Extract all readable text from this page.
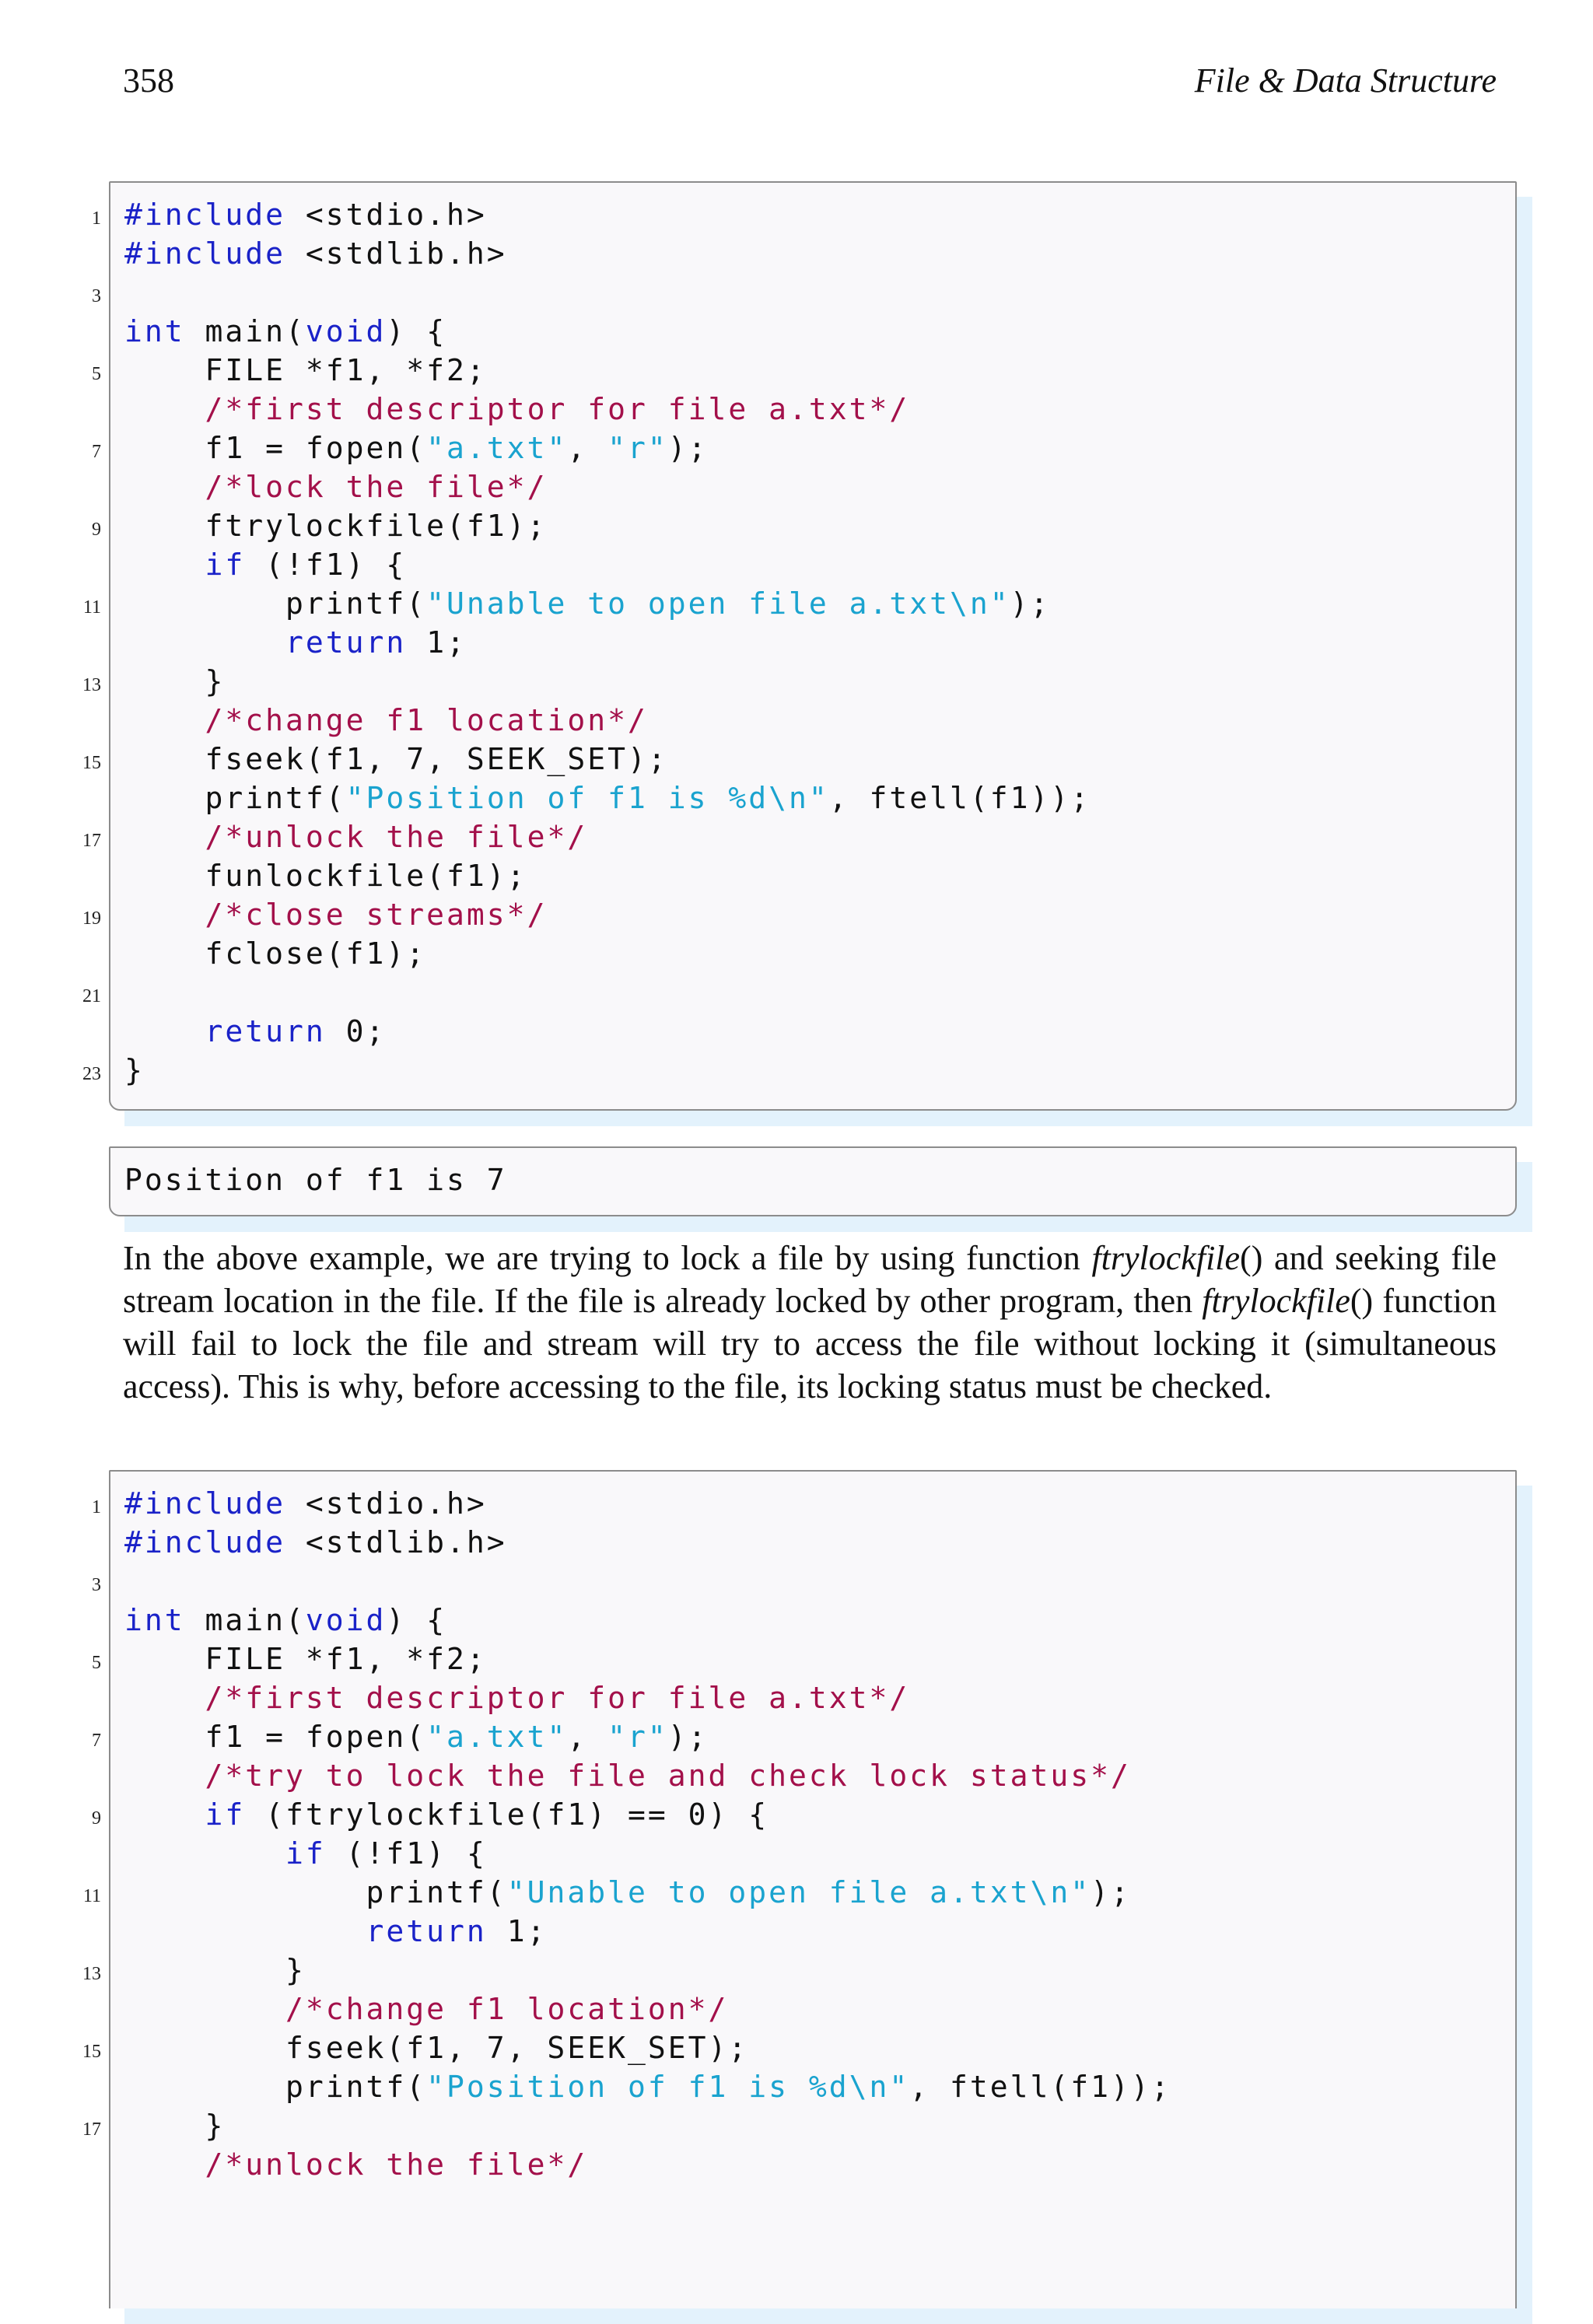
358	File & Data Structure
1 #include <stdio.h>
#include <stdlib.h>
3
int main(void) {
5 FILE *f1, *f2;
/*first descriptor for file a.txt*/
7 f1 = fopen("a.txt", "r");
/*lock the file*/
9 ftrylockfile(f1);
if (!f1) {
11 printf("Unable to open file a.txt\n");
return 1;
13 }
/*change f1 location*/
15 fseek(f1, 7, SEEK_SET);
printf("Position of f1 is %d\n", ftell(f1));
17	/*unlock the file*/
funlockfile(f1);
19	/*close streams*/
fclose(f1);
21
return 0;
23 }
Position of f1 is 7
In the above example, we are trying to lock a file by using function ftrylockfile() and seeking file stream location in the file. If the file is already locked by other program, then ftrylockfile() function will fail to lock the file and stream will try to access the file without locking it (simultaneous access). This is why, before accessing to the file, its locking status must be checked.
1 #include <stdio.h>
#include <stdlib.h>
3
int main(void) {
5 FILE *f1, *f2;
/*first descriptor for file a.txt*/
7 f1 = fopen("a.txt", "r");
/*try to lock the file and check lock status*/
9	if (ftrylockfile(f1) == 0) {
if (!f1) {
11 printf("Unable to open file a.txt\n");
return 1;
13 }
/*change f1 location*/
15 fseek(f1, 7, SEEK_SET);
printf("Position of f1 is %d\n", ftell(f1));
17 }
/*unlock the file*/
